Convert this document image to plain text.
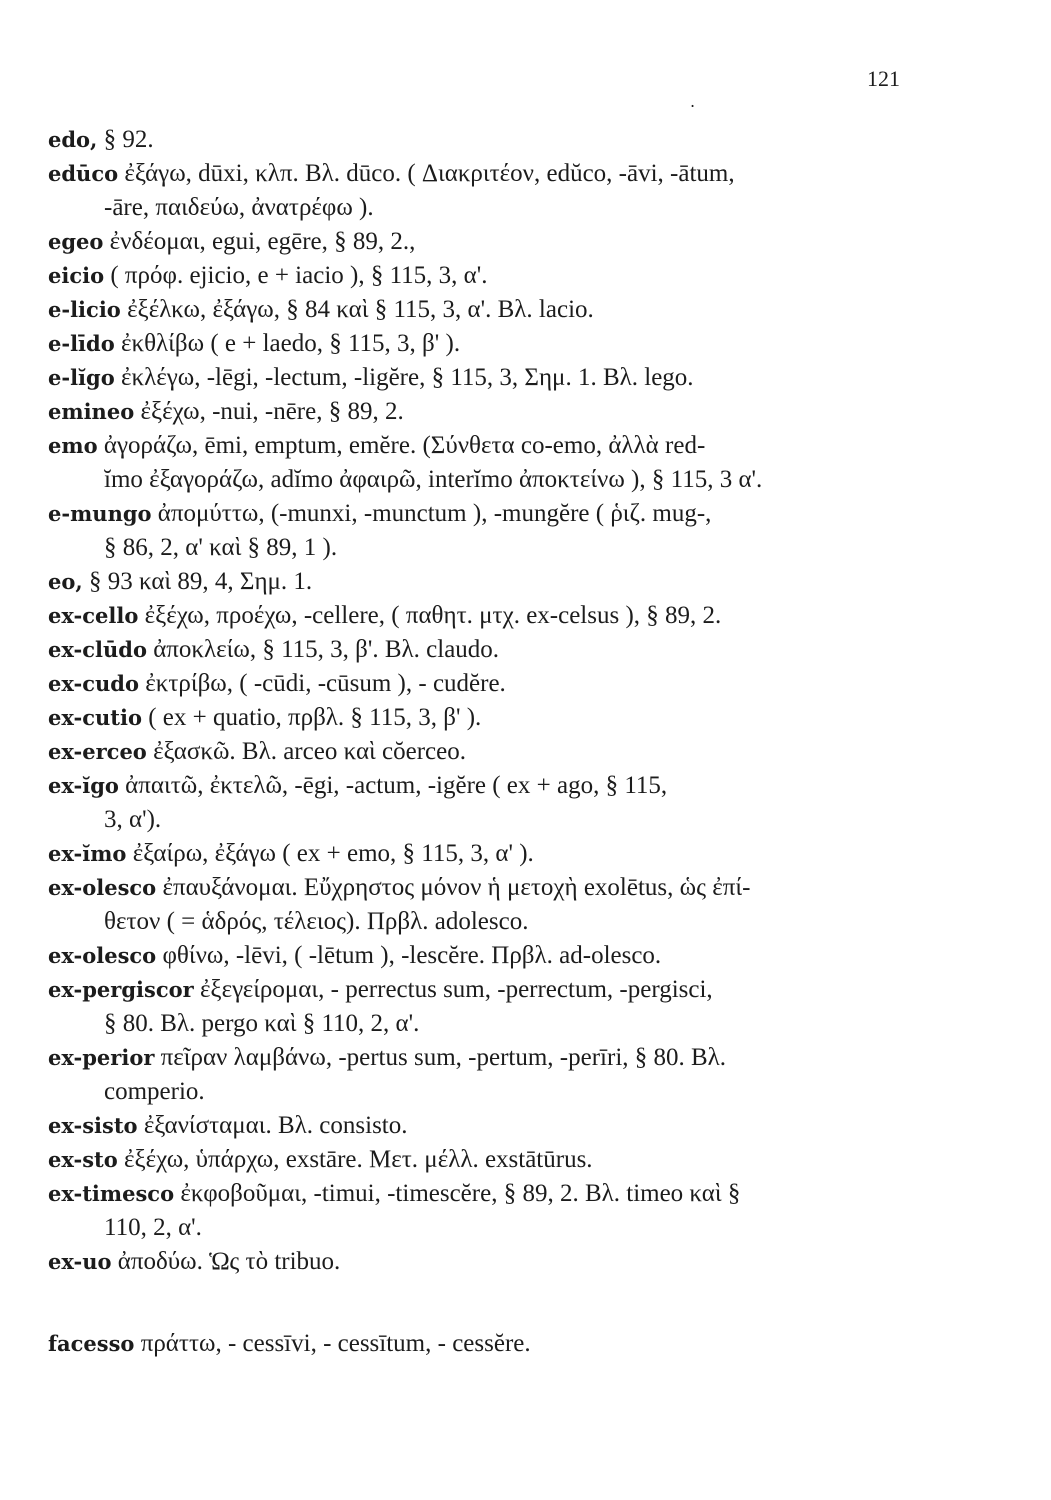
121
.
edo, § 92.
edūco ἐξάγω, dūxi, κλπ. Βλ. dūco. ( Διακριτέον, edŭco, -āvi, -ātum,
-āre, παιδεύω, ἀνατρέφω ).
egeo ἐνδέομαι, egui, egēre, § 89, 2.,
eicio ( πρόφ. ejicio, e + iacio ), § 115, 3, α'.
e-licio ἐξέλκω, ἐξάγω, § 84 καὶ § 115, 3, α'. Βλ. lacio.
e-līdo ἐκθλίβω ( e + laedo, § 115, 3, β' ).
e-lĭgo ἐκλέγω, -lēgi, -lectum, -ligĕre, § 115, 3, Σημ. 1. Βλ. lego.
emineo ἐξέχω, -nui, -nēre, § 89, 2.
emo ἀγοράζω, ēmi, emptum, emĕre. (Σύνθετα co-emo, ἀλλὰ red-
ĭmo ἐξαγοράζω, adĭmo ἀφαιρῶ, interĭmo ἀποκτείνω ), § 115, 3 α'.
e-mungo ἀπομύττω, (-munxi, -munctum ), -mungĕre ( ῥιζ. mug-,
§ 86, 2, α' καὶ § 89, 1 ).
eo, § 93 καὶ 89, 4, Σημ. 1.
ex-cello ἐξέχω, προέχω, -cellere, ( παθητ. μτχ. ex-celsus ), § 89, 2.
ex-clūdo ἀποκλείω, § 115, 3, β'. Βλ. claudo.
ex-cudo ἐκτρίβω, ( -cūdi, -cūsum ), - cudĕre.
ex-cutio ( ex + quatio, πρβλ. § 115, 3, β' ).
ex-erceo ἐξασκῶ. Βλ. arceo καὶ cŏerceo.
ex-ĭgo ἀπαιτῶ, ἐκτελῶ, -ēgi, -actum, -igĕre ( ex + ago, § 115,
3, α').
ex-ĭmo ἐξαίρω, ἐξάγω ( ex + emo, § 115, 3, α' ).
ex-olesco ἐπαυξάνομαι. Εὔχρηστος μόνον ἡ μετοχὴ exolētus, ὡς ἐπί-
θετον ( = ἁδρός, τέλειος). Πρβλ. adolesco.
ex-olesco φθίνω, -lēvi, ( -lētum ), -lescĕre. Πρβλ. ad-olesco.
ex-pergiscor ἐξεγείρομαι, - perrectus sum, -perrectum, -pergisci,
§ 80. Βλ. pergo καὶ § 110, 2, α'.
ex-perior πεῖραν λαμβάνω, -pertus sum, -pertum, -perīri, § 80. Βλ.
comperio.
ex-sisto ἐξανίσταμαι. Βλ. consisto.
ex-sto ἐξέχω, ὑπάρχω, exstāre. Μετ. μέλλ. exstātūrus.
ex-timesco ἐκφοβοῦμαι, -timui, -timescĕre, § 89, 2. Βλ. timeo καὶ §
110, 2, α'.
ex-uo ἀποδύω. Ὡς τὸ tribuo.
facesso πράττω, - cessīvi, - cessītum, - cessĕre.
